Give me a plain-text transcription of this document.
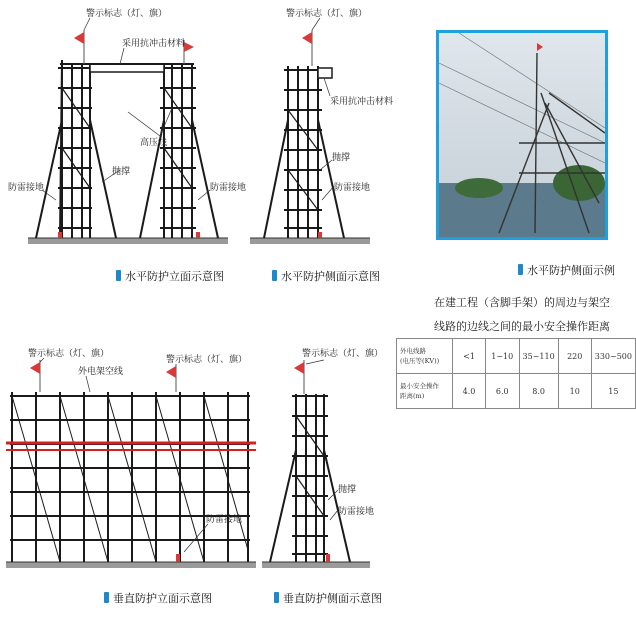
警示标志（灯、旗）
采用抗冲击材料
高压线
抛撑
防雷接地	防雷接地
水平防护立面示意图
警示标志（灯、旗）
采用抗冲击材料
抛撑
防雷接地
水平防护侧面示意图	水平防护侧面示例
在建工程（含脚手架）的周边与架空
线路的边线之间的最小安全操作距离
外电线路
(电压等(KV))	<1	1~10	35~110	220	330~500
最小安全操作
距离(m)	4.0	6.0	8.0	10	15
警示标志（灯、旗）
警示标志（灯、旗）
外电架空线
防雷接地
垂直防护立面示意图
警示标志（灯、旗）
抛撑
防雷接地
垂直防护侧面示意图
